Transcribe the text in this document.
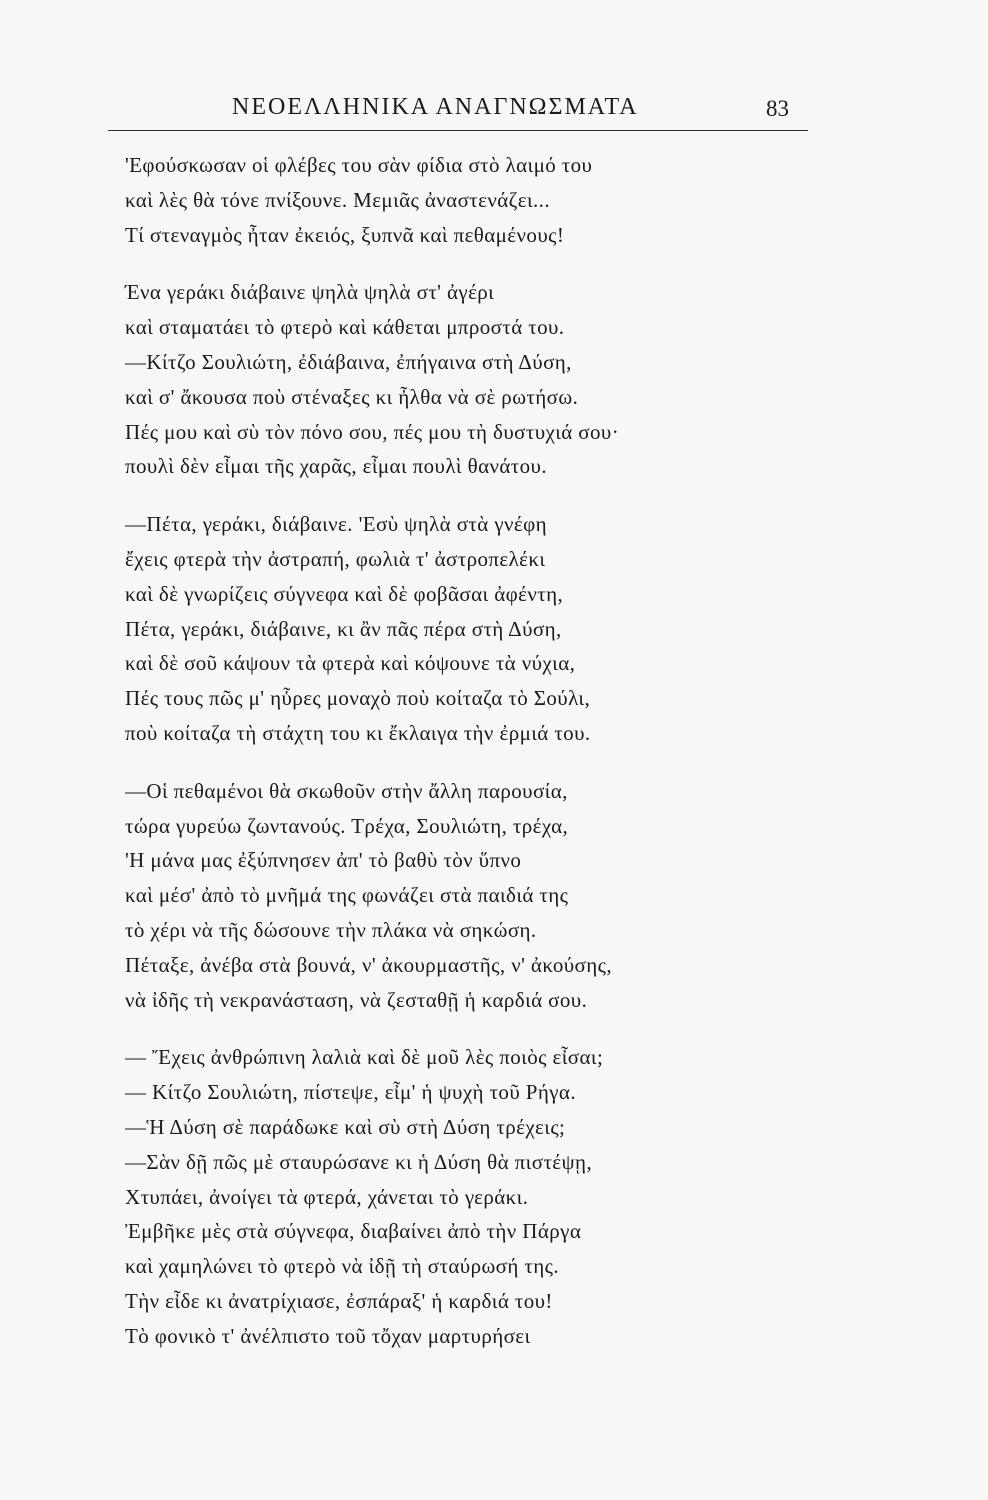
ΝΕΟΕΛΛΗΝΙΚΑ ΑΝΑΓΝΩΣΜΑΤΑ	83
'Εφούσκωσαν οἱ φλέβες του σὰν φίδια στὸ λαιμό του
καὶ λὲς θὰ τόνε πνίξουνε. Μεμιᾶς ἀναστενάζει...
Τί στεναγμὸς ἦταν ἐκειός, ξυπνᾶ καὶ πεθαμένους!
Ένα γεράκι διάβαινε ψηλὰ ψηλὰ στ' ἀγέρι
καὶ σταματάει τὸ φτερὸ καὶ κάθεται μπροστά του.
—Κίτζο Σουλιώτη, ἐδιάβαινα, ἐπήγαινα στὴ Δύση,
καὶ σ' ἄκουσα ποὺ στέναξες κι ἦλθα νὰ σὲ ρωτήσω.
Πές μου καὶ σὺ τὸν πόνο σου, πές μου τὴ δυστυχιά σου·
πουλὶ δὲν εἶμαι τῆς χαρᾶς, εἶμαι πουλὶ θανάτου.
—Πέτα, γεράκι, διάβαινε. 'Εσὺ ψηλὰ στὰ γνέφη
ἔχεις φτερὰ τὴν ἀστραπή, φωλιὰ τ' ἀστροπελέκι
καὶ δὲ γνωρίζεις σύγνεφα καὶ δὲ φοβᾶσαι ἀφέντη,
Πέτα, γεράκι, διάβαινε, κι ἂν πᾶς πέρα στὴ Δύση,
καὶ δὲ σοῦ κάψουν τὰ φτερὰ καὶ κόψουνε τὰ νύχια,
Πές τους πῶς μ' ηὗρες μοναχὸ ποὺ κοίταζα τὸ Σούλι,
ποὺ κοίταζα τὴ στάχτη του κι ἔκλαιγα τὴν ἐρμιά του.
—Οἱ πεθαμένοι θὰ σκωθοῦν στὴν ἄλλη παρουσία,
τώρα γυρεύω ζωντανούς. Τρέχα, Σουλιώτη, τρέχα,
'Η μάνα μας ἐξύπνησεν ἀπ' τὸ βαθὺ τὸν ὕπνο
καὶ μέσ' ἀπὸ τὸ μνῆμά της φωνάζει στὰ παιδιά της
τὸ χέρι νὰ τῆς δώσουνε τὴν πλάκα νὰ σηκώση.
Πέταξε, ἀνέβα στὰ βουνά, ν' ἀκουρμαστῆς, ν' ἀκούσης,
νὰ ἰδῆς τὴ νεκρανάσταση, νὰ ζεσταθῇ ἡ καρδιά σου.
— Ἔχεις ἀνθρώπινη λαλιὰ καὶ δὲ μοῦ λὲς ποιὸς εἶσαι;
— Κίτζο Σουλιώτη, πίστεψε, εἶμ' ἡ ψυχὴ τοῦ Ρήγα.
—Ἡ Δύση σὲ παράδωκε καὶ σὺ στὴ Δύση τρέχεις;
—Σὰν δῇ πῶς μὲ σταυρώσανε κι ἡ Δύση θὰ πιστέψῃ,
Χτυπάει, ἀνοίγει τὰ φτερά, χάνεται τὸ γεράκι.
Ἐμβῆκε μὲς στὰ σύγνεφα, διαβαίνει ἀπὸ τὴν Πάργα
καὶ χαμηλώνει τὸ φτερὸ νὰ ἰδῇ τὴ σταύρωσή της.
Τὴν εἶδε κι ἀνατρίχιασε, ἐσπάραξ' ἡ καρδιά του!
Τὸ φονικὸ τ' ἀνέλπιστο τοῦ τὄχαν μαρτυρήσει
